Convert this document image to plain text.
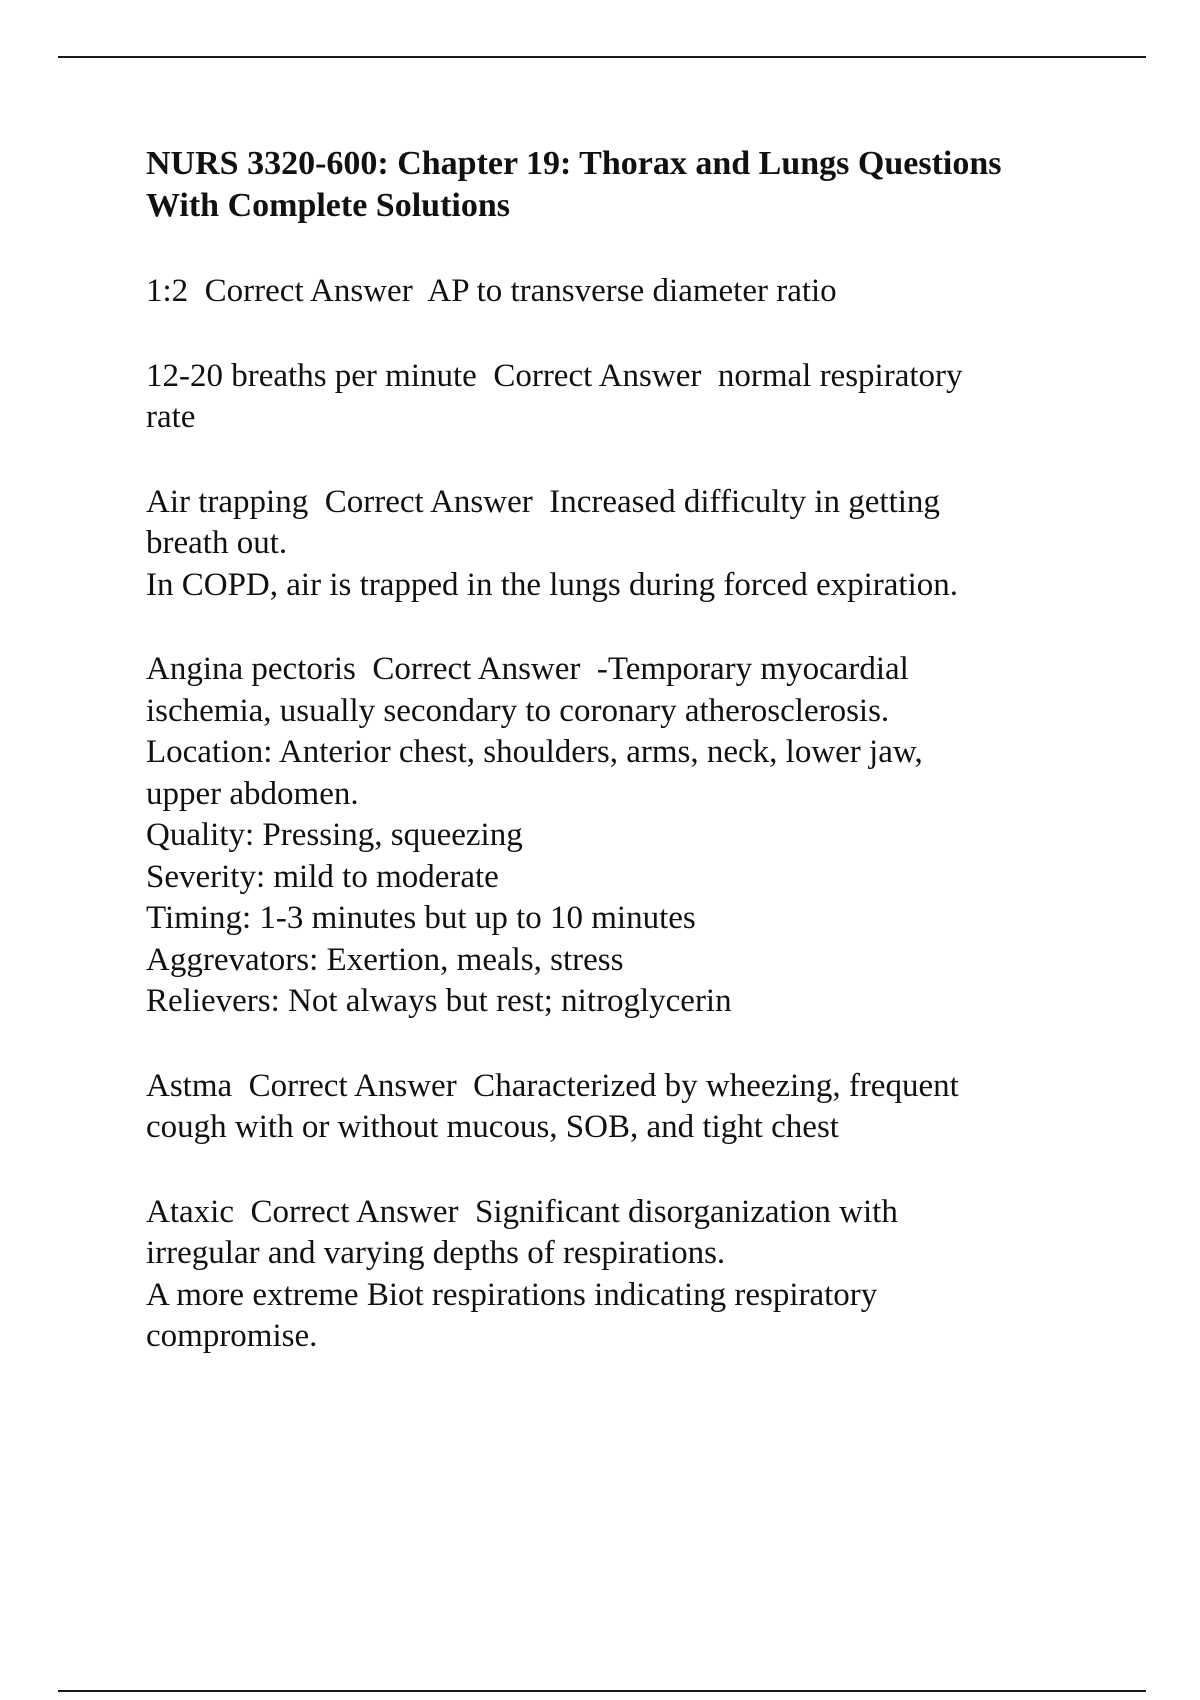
NURS 3320-600: Chapter 19: Thorax and Lungs Questions
With Complete Solutions
1:2  Correct Answer  AP to transverse diameter ratio
12-20 breaths per minute  Correct Answer  normal respiratory
rate
Air trapping  Correct Answer  Increased difficulty in getting
breath out.
In COPD, air is trapped in the lungs during forced expiration.
Angina pectoris  Correct Answer  -Temporary myocardial
ischemia, usually secondary to coronary atherosclerosis.
Location: Anterior chest, shoulders, arms, neck, lower jaw,
upper abdomen.
Quality: Pressing, squeezing
Severity: mild to moderate
Timing: 1-3 minutes but up to 10 minutes
Aggrevators: Exertion, meals, stress
Relievers: Not always but rest; nitroglycerin
Astma  Correct Answer  Characterized by wheezing, frequent
cough with or without mucous, SOB, and tight chest
Ataxic  Correct Answer  Significant disorganization with
irregular and varying depths of respirations.
A more extreme Biot respirations indicating respiratory
compromise.
